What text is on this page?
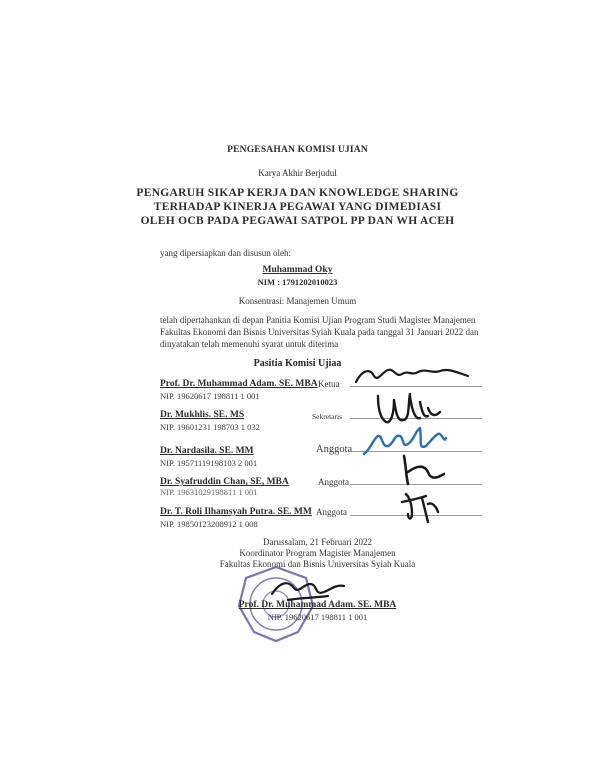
PENGESAHAN KOMISI UJIAN
Karya Akhir Berjudul
PENGARUH SIKAP KERJA DAN KNOWLEDGE SHARING
TERHADAP KINERJA PEGAWAI YANG DIMEDIASI
OLEH OCB PADA PEGAWAI SATPOL PP DAN WH ACEH
yang dipersiapkan dan disusun oleh:
Muhammad Oky
NIM : 1791202010023
Konsentrasi: Manajemen Umum
telah dipertahankan di depan Panitia Komisi Ujian Program Studi Magister Manajemen Fakultas Ekonomi dan Bisnis Universitas Syiah Kuala pada tanggal 31 Januari 2022 dan dinyatakan telah memenuhi syarat untuk diterima
Pasitia Komisi Ujiaa
Prof. Dr. Muhammad Adam. SE. MBA Ketua
NIP. 19620617 198811 1 001
Dr. Mukhlis. SE. MS	Sekretaris
NIP. 19601231 198703 1 032
Dr. Nardasila. SE. MM	Anggota
NIP. 19571119198103 2 001
Dr. Syafruddin Chan, SE, MBA	Anggota
NIP. 19631029198811 1 001
Dr. T. Roli Ilhamsyah Putra. SE. MM Anggota
NIP. 19850123208912 1 008
Darussalam, 21 Februari 2022
Koordinator Program Magister Manajemen
Fakultas Ekonomi dan Bisnis Universitas Syiah Kuala
Prof. Dr. Muhammad Adam. SE. MBA
NIP. 19620617 198811 1 001
